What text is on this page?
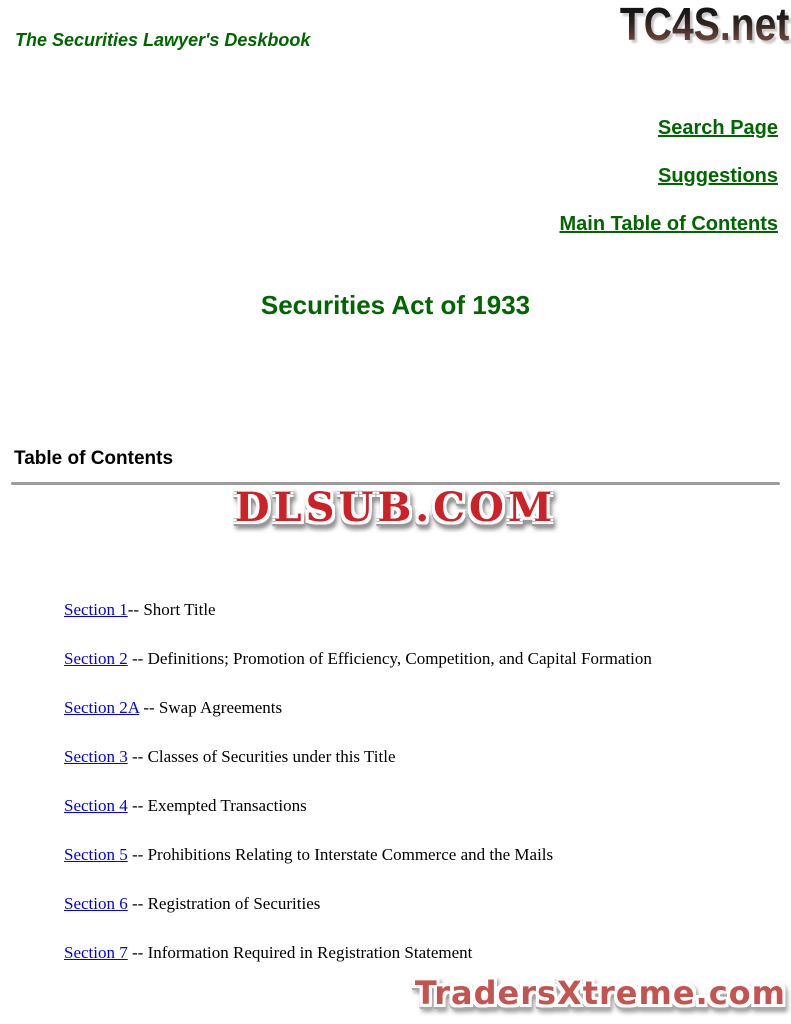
The Securities Lawyer's Deskbook	TC4S.net

Search Page

Suggestions

Main Table of Contents

Securities Act of 1933
Table of Contents
DLSUB.COM

Section 1-- Short Title

Section 2 -- Definitions; Promotion of Efficiency, Competition, and Capital Formation

Section 2A -- Swap Agreements

Section 3 -- Classes of Securities under this Title

Section 4 -- Exempted Transactions

Section 5 -- Prohibitions Relating to Interstate Commerce and the Mails

Section 6 -- Registration of Securities

Section 7 -- Information Required in Registration Statement

TradersXtreme.com
